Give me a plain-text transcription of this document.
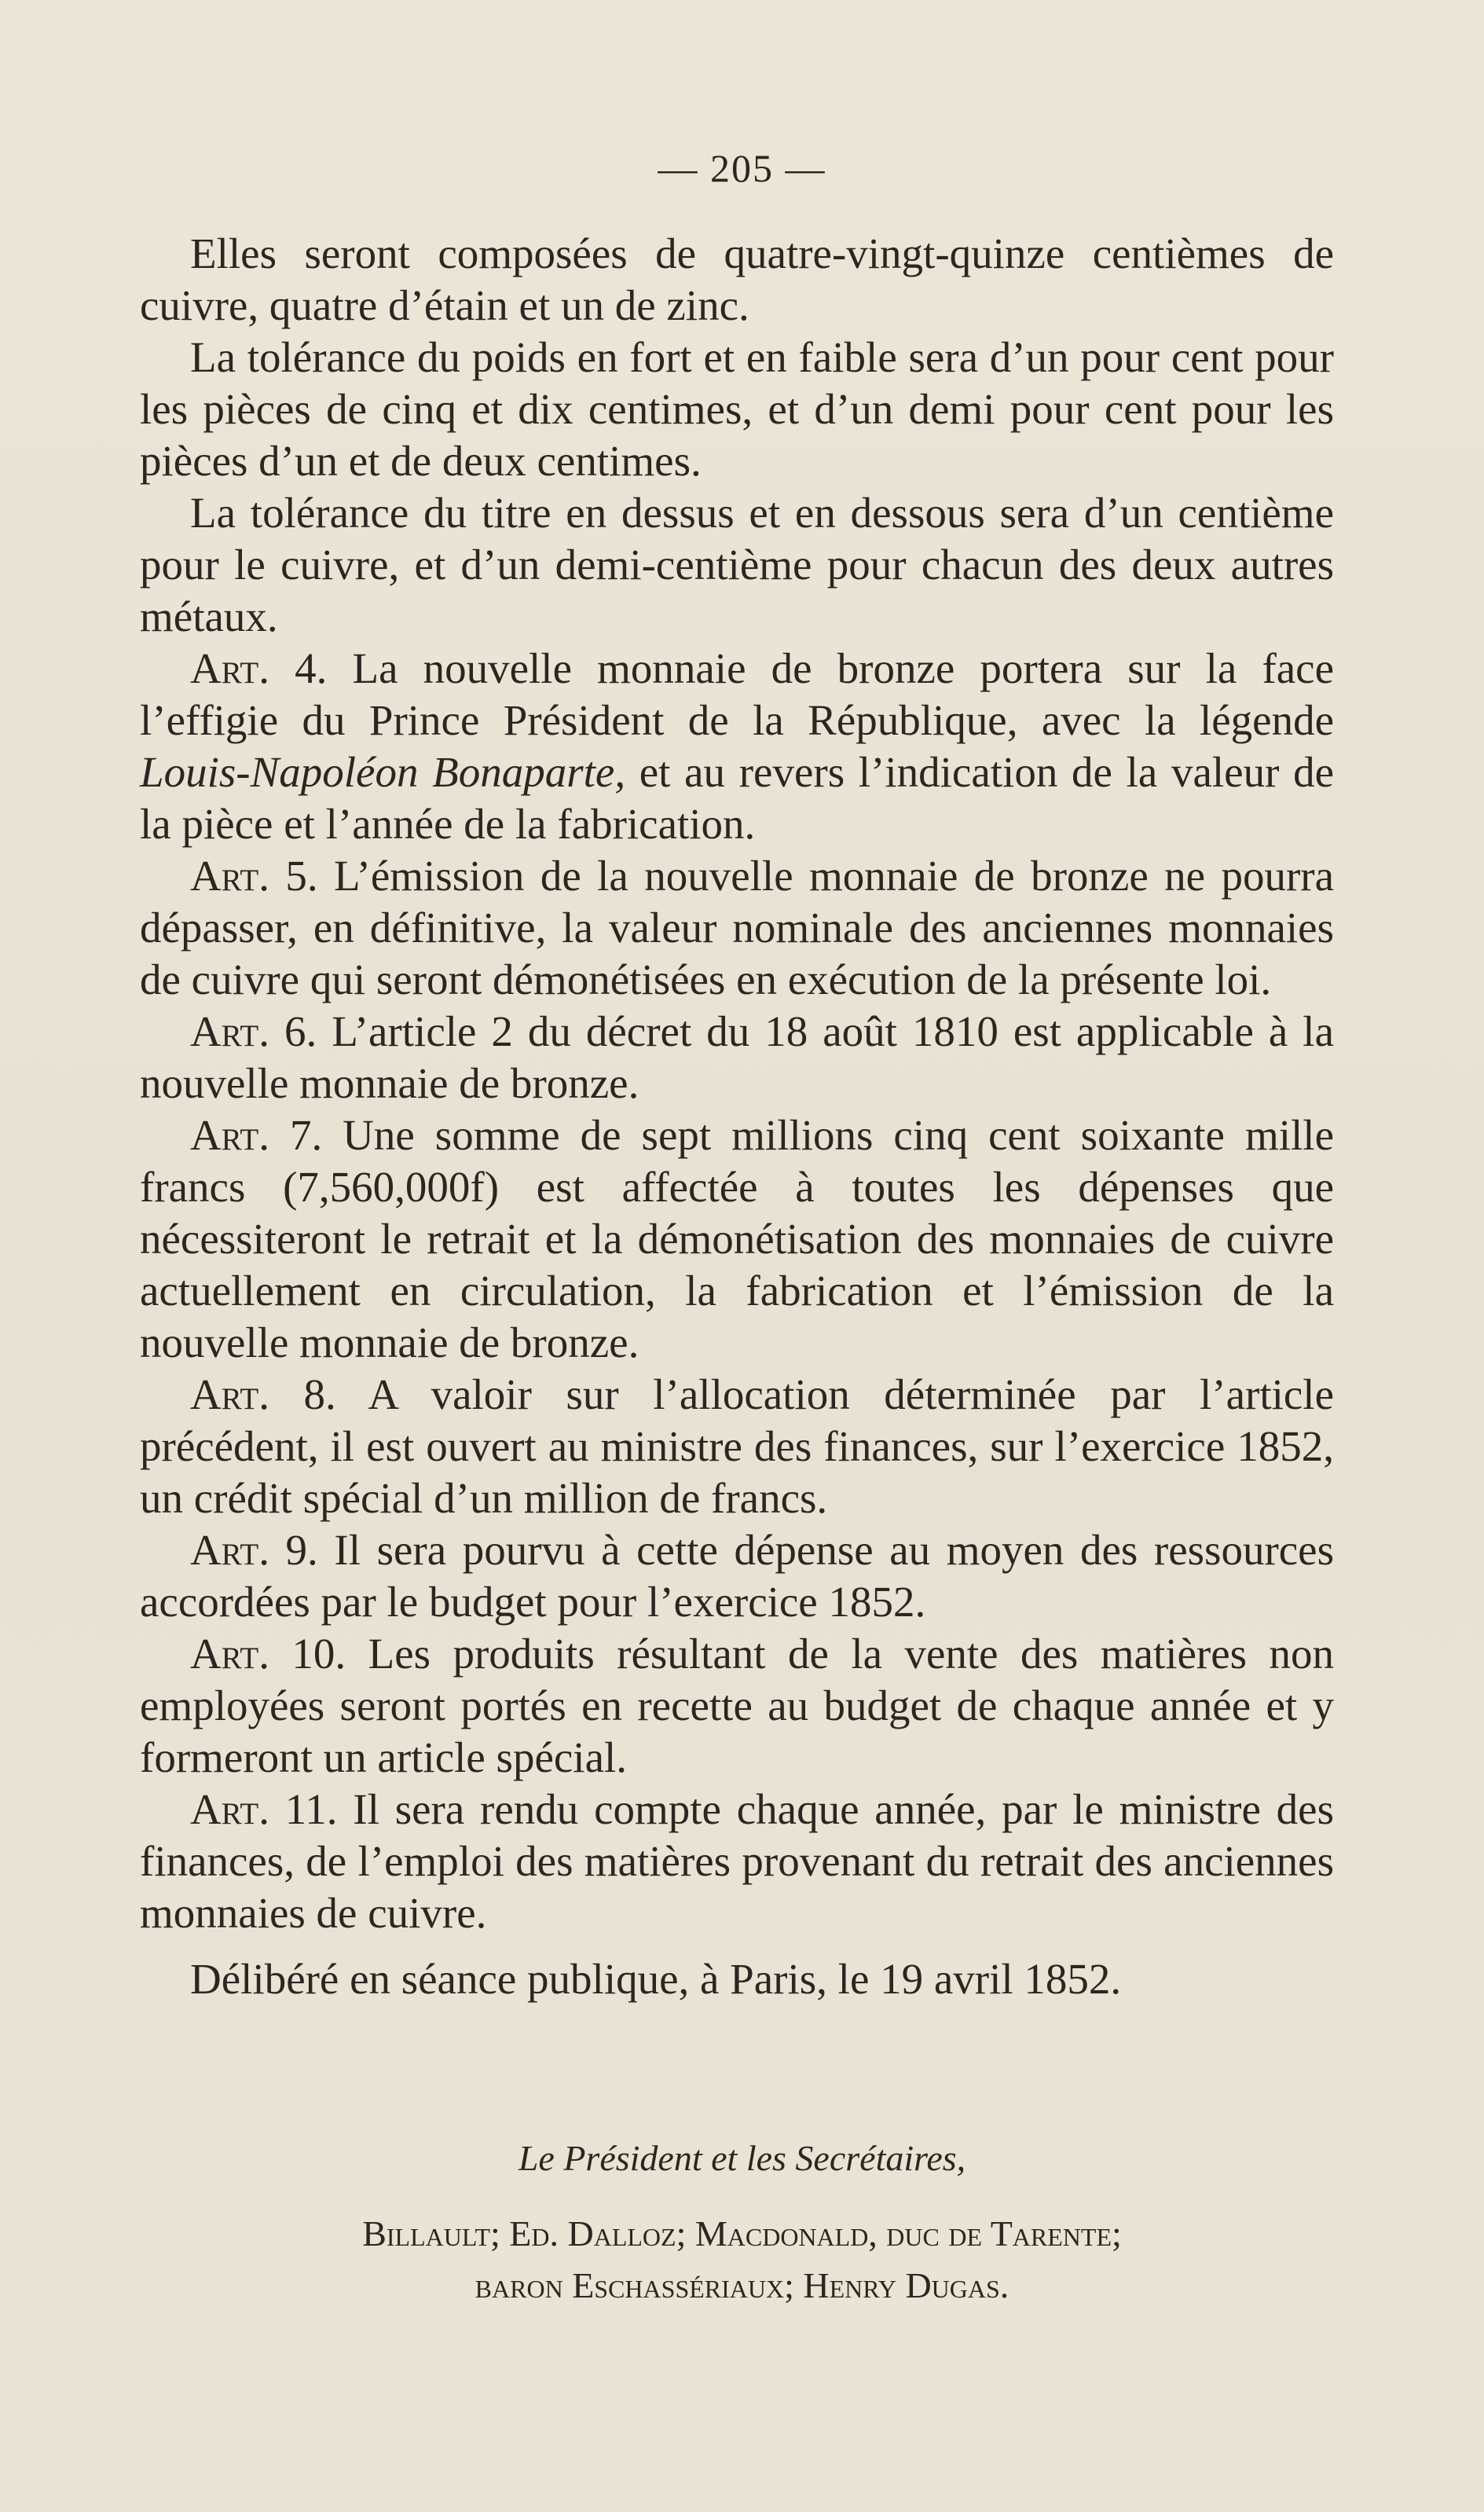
— 205 —

Elles seront composées de quatre-vingt-quinze centièmes de cuivre, quatre d’étain et un de zinc.

La tolérance du poids en fort et en faible sera d’un pour cent pour les pièces de cinq et dix centimes, et d’un demi pour cent pour les pièces d’un et de deux centimes.

La tolérance du titre en dessus et en dessous sera d’un centième pour le cuivre, et d’un demi-centième pour chacun des deux autres métaux.

Art. 4. La nouvelle monnaie de bronze portera sur la face l’effigie du Prince Président de la République, avec la légende Louis-Napoléon Bonaparte, et au revers l’indication de la valeur de la pièce et l’année de la fabrication.

Art. 5. L’émission de la nouvelle monnaie de bronze ne pourra dépasser, en définitive, la valeur nominale des anciennes monnaies de cuivre qui seront démonétisées en exécution de la présente loi.

Art. 6. L’article 2 du décret du 18 août 1810 est applicable à la nouvelle monnaie de bronze.

Art. 7. Une somme de sept millions cinq cent soixante mille francs (7,560,000f) est affectée à toutes les dépenses que nécessiteront le retrait et la démonétisation des monnaies de cuivre actuellement en circulation, la fabrication et l’émission de la nouvelle monnaie de bronze.

Art. 8. A valoir sur l’allocation déterminée par l’article précédent, il est ouvert au ministre des finances, sur l’exercice 1852, un crédit spécial d’un million de francs.

Art. 9. Il sera pourvu à cette dépense au moyen des ressources accordées par le budget pour l’exercice 1852.

Art. 10. Les produits résultant de la vente des matières non employées seront portés en recette au budget de chaque année et y formeront un article spécial.

Art. 11. Il sera rendu compte chaque année, par le ministre des finances, de l’emploi des matières provenant du retrait des anciennes monnaies de cuivre.

Délibéré en séance publique, à Paris, le 19 avril 1852.

Le Président et les Secrétaires,
Billault; Ed. Dalloz; Macdonald, duc de Tarente;
baron Eschassériaux; Henry Dugas.
